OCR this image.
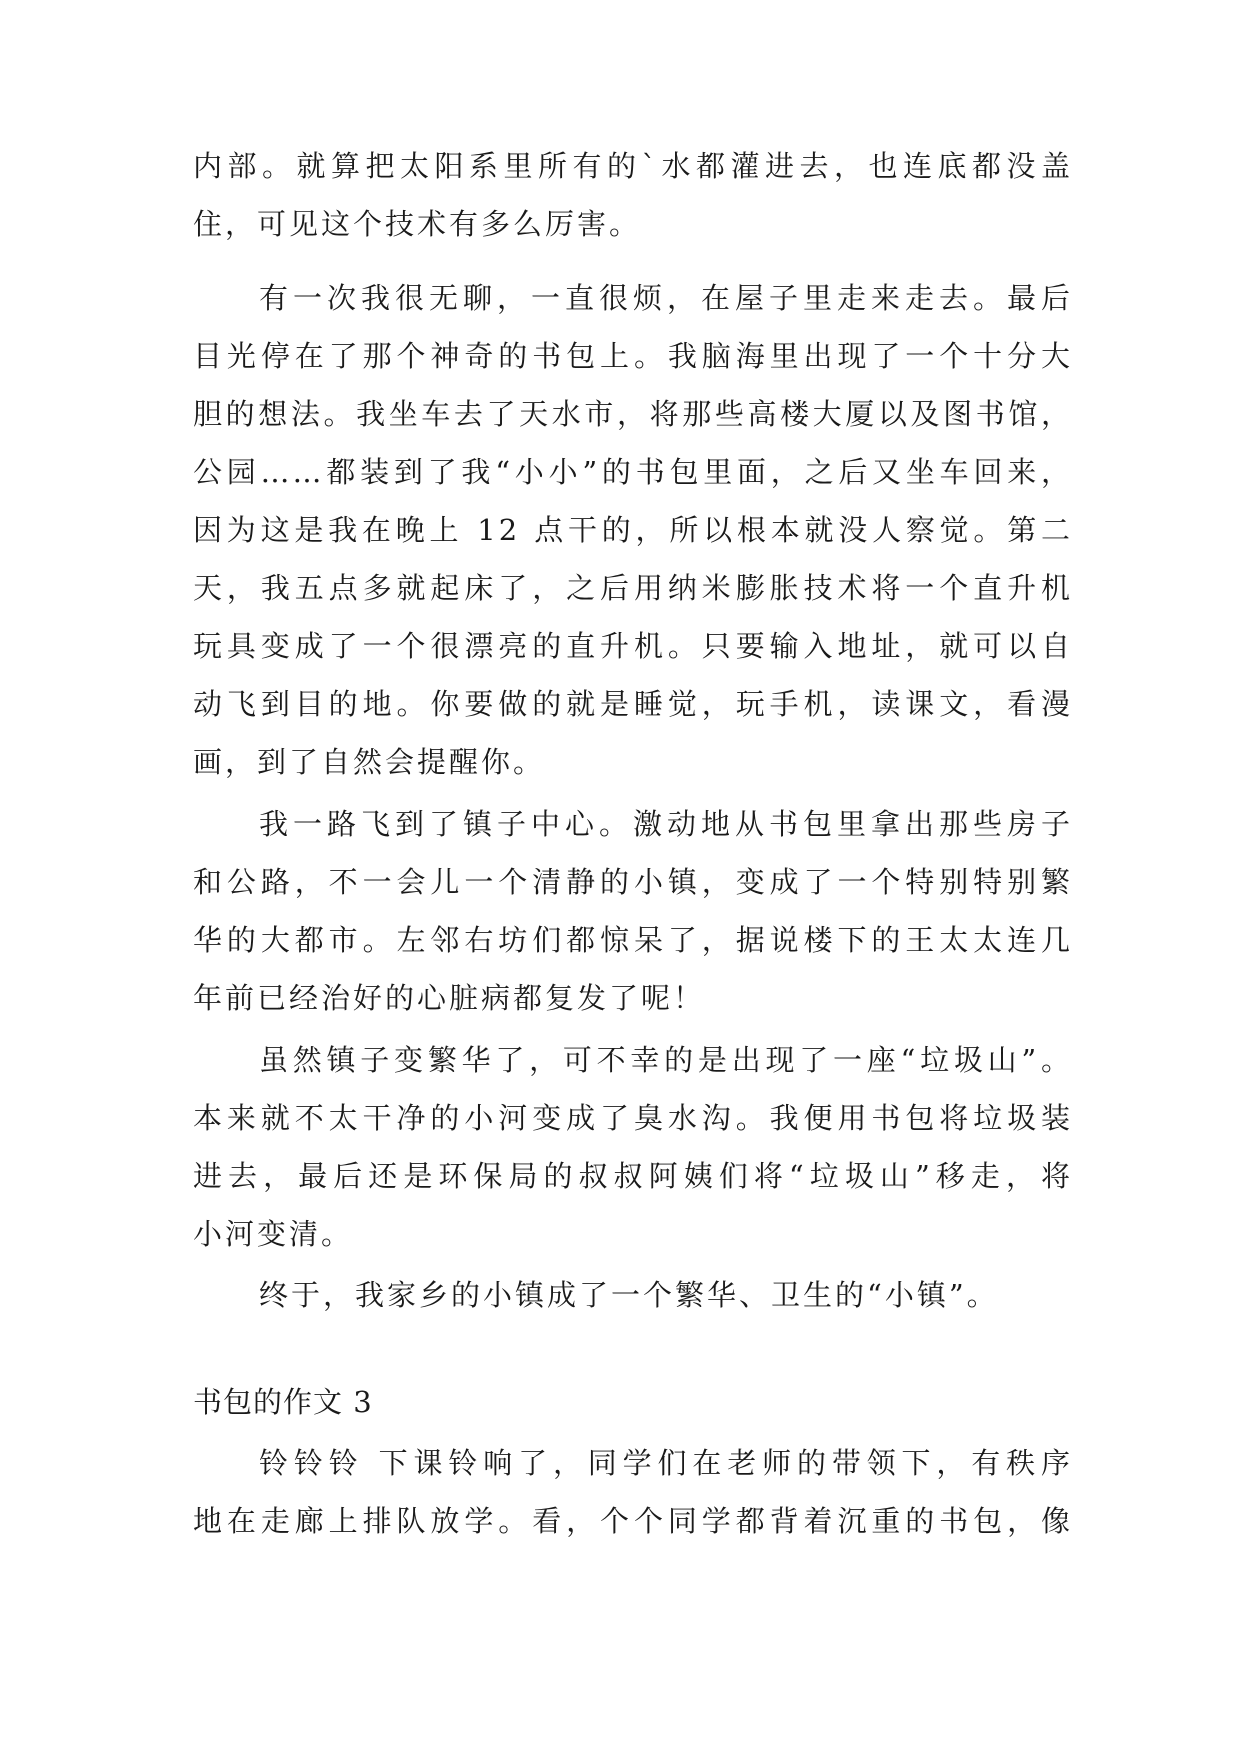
内部。就算把太阳系里所有的`水都灌进去，也连底都没盖
住，可见这个技术有多么厉害。
有一次我很无聊，一直很烦，在屋子里走来走去。最后
目光停在了那个神奇的书包上。我脑海里出现了一个十分大
胆的想法。我坐车去了天水市，将那些高楼大厦以及图书馆，
公园……都装到了我“小小”的书包里面，之后又坐车回来，
因为这是我在晚上 12 点干的，所以根本就没人察觉。第二
天，我五点多就起床了，之后用纳米膨胀技术将一个直升机
玩具变成了一个很漂亮的直升机。只要输入地址，就可以自
动飞到目的地。你要做的就是睡觉，玩手机，读课文，看漫
画，到了自然会提醒你。
我一路飞到了镇子中心。激动地从书包里拿出那些房子
和公路，不一会儿一个清静的小镇，变成了一个特别特别繁
华的大都市。左邻右坊们都惊呆了，据说楼下的王太太连几
年前已经治好的心脏病都复发了呢！
虽然镇子变繁华了，可不幸的是出现了一座“垃圾山”。
本来就不太干净的小河变成了臭水沟。我便用书包将垃圾装
进去，最后还是环保局的叔叔阿姨们将“垃圾山”移走，将
小河变清。
终于，我家乡的小镇成了一个繁华、卫生的“小镇”。
书包的作文 3
铃铃铃 下课铃响了，同学们在老师的带领下，有秩序
地在走廊上排队放学。看，个个同学都背着沉重的书包，像
